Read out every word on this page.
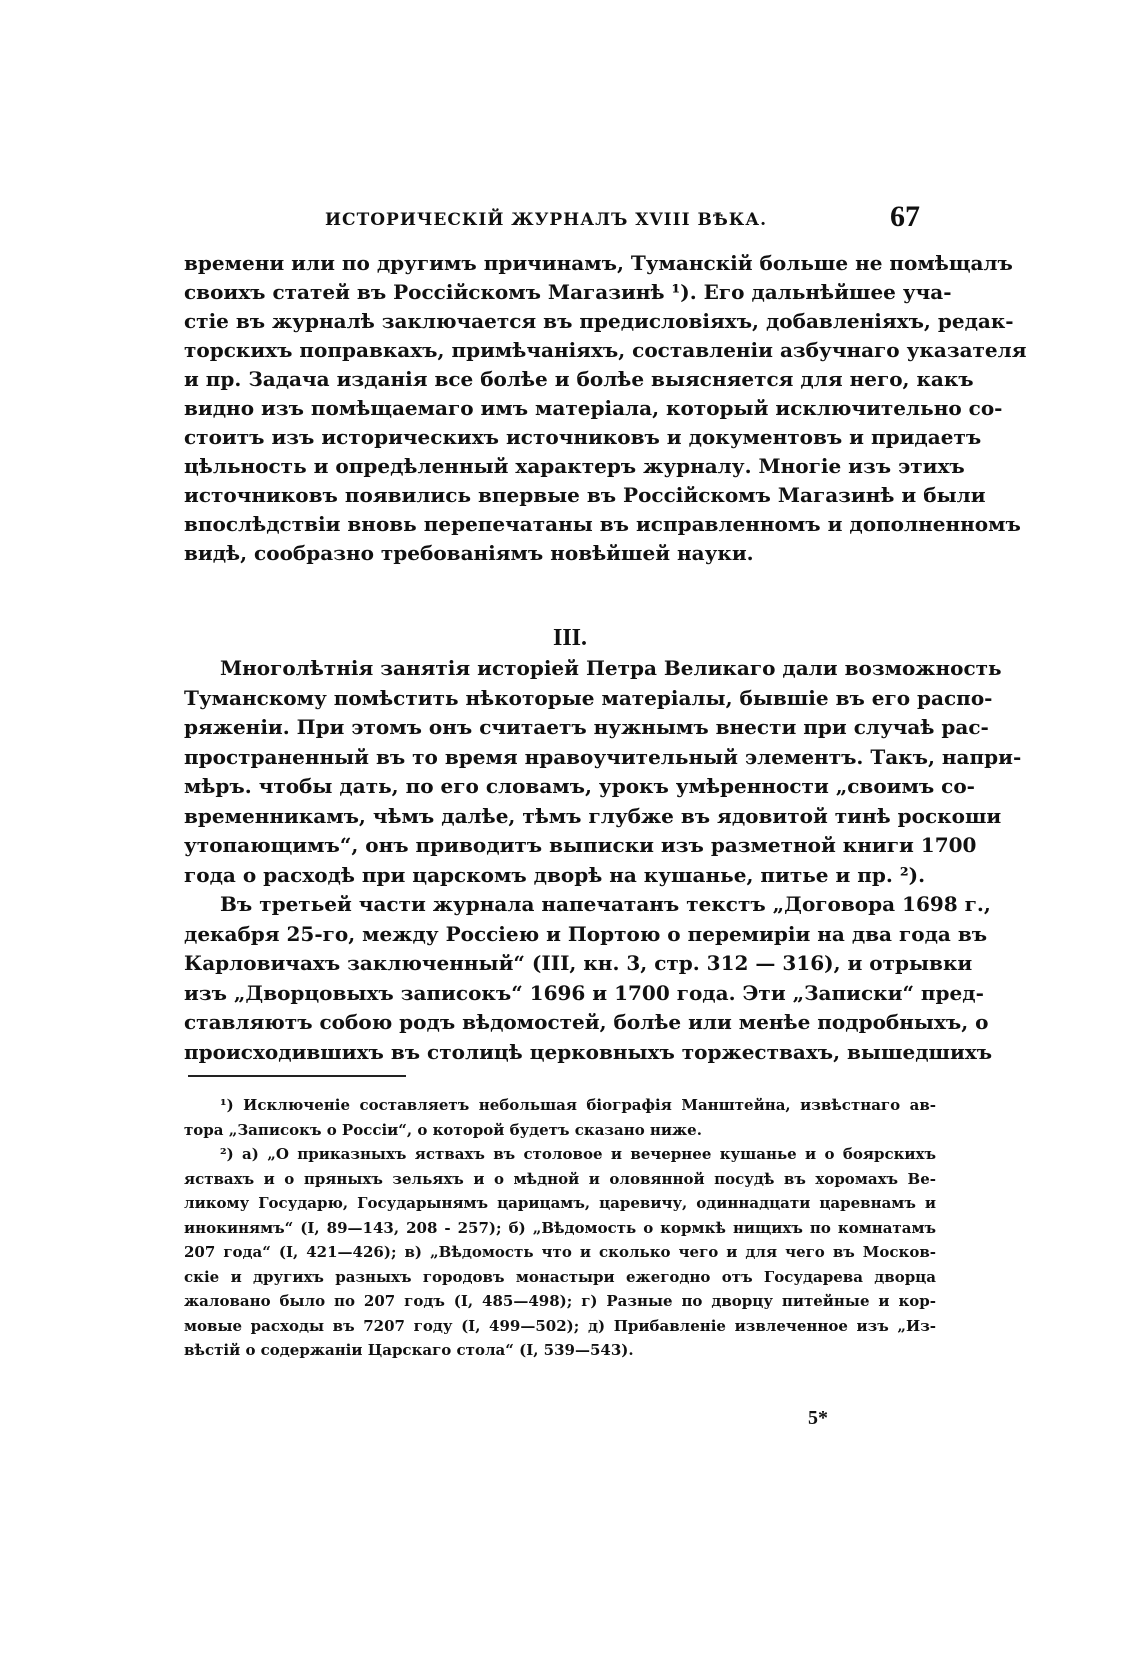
ИСТОРИЧЕСКІЙ ЖУРНАЛЪ XVIII ВѢКА.	67
времени или по другимъ причинамъ, Туманскій больше не помѣщалъ
своихъ статей въ Россійскомъ Магазинѣ ¹). Его дальнѣйшее уча-
стіе въ журналѣ заключается въ предисловіяхъ, добавленіяхъ, редак-
торскихъ поправкахъ, примѣчаніяхъ, составленіи азбучнаго указателя
и пр. Задача изданія все болѣе и болѣе выясняется для него, какъ
видно изъ помѣщаемаго имъ матеріала, который исключительно со-
стоитъ изъ историческихъ источниковъ и документовъ и придаетъ
цѣльность и опредѣленный характеръ журналу. Многіе изъ этихъ
источниковъ появились впервые въ Россійскомъ Магазинѣ и были
впослѣдствіи вновь перепечатаны въ исправленномъ и дополненномъ
видѣ, сообразно требованіямъ новѣйшей науки.
III.
Многолѣтнія занятія исторіей Петра Великаго дали возможность
Туманскому помѣстить нѣкоторые матеріалы, бывшіе въ его распо-
ряженіи. При этомъ онъ считаетъ нужнымъ внести при случаѣ рас-
пространенный въ то время нравоучительный элементъ. Такъ, напри-
мѣръ. чтобы дать, по его словамъ, урокъ умѣренности „своимъ со-
временникамъ, чѣмъ далѣе, тѣмъ глубже въ ядовитой тинѣ роскоши
утопающимъ“, онъ приводитъ выписки изъ разметной книги 1700
года о расходѣ при царскомъ дворѣ на кушанье, питье и пр. ²).
Въ третьей части журнала напечатанъ текстъ „Договора 1698 г.,
декабря 25-го, между Россіею и Портою о перемиріи на два года въ
Карловичахъ заключенный“ (III, кн. 3, стр. 312 — 316), и отрывки
изъ „Дворцовыхъ записокъ“ 1696 и 1700 года. Эти „Записки“ пред-
ставляютъ собою родъ вѣдомостей, болѣе или менѣе подробныхъ, о
происходившихъ въ столицѣ церковныхъ торжествахъ, вышедшихъ
¹) Исключеніе составляетъ небольшая біографія Манштейна, извѣстнаго ав-
тора „Записокъ о Россіи“, о которой будетъ сказано ниже.
²) а) „О приказныхъ яствахъ въ столовое и вечернее кушанье и о боярскихъ
яствахъ и о пряныхъ зельяхъ и о мѣдной и оловянной посудѣ въ хоромахъ Ве-
ликому Государю, Государынямъ царицамъ, царевичу, одиннадцати царевнамъ и
инокинямъ“ (I, 89—143, 208 - 257); б) „Вѣдомость о кормкѣ нищихъ по комнатамъ
207 года“ (I, 421—426); в) „Вѣдомость что и сколько чего и для чего въ Москов-
скіе и другихъ разныхъ городовъ монастыри ежегодно отъ Государева дворца
жаловано было по 207 годъ (I, 485—498); г) Разные по дворцу питейные и кор-
мовые расходы въ 7207 году (I, 499—502); д) Прибавленіе извлеченное изъ „Из-
вѣстій о содержаніи Царскаго стола“ (I, 539—543).
5*
